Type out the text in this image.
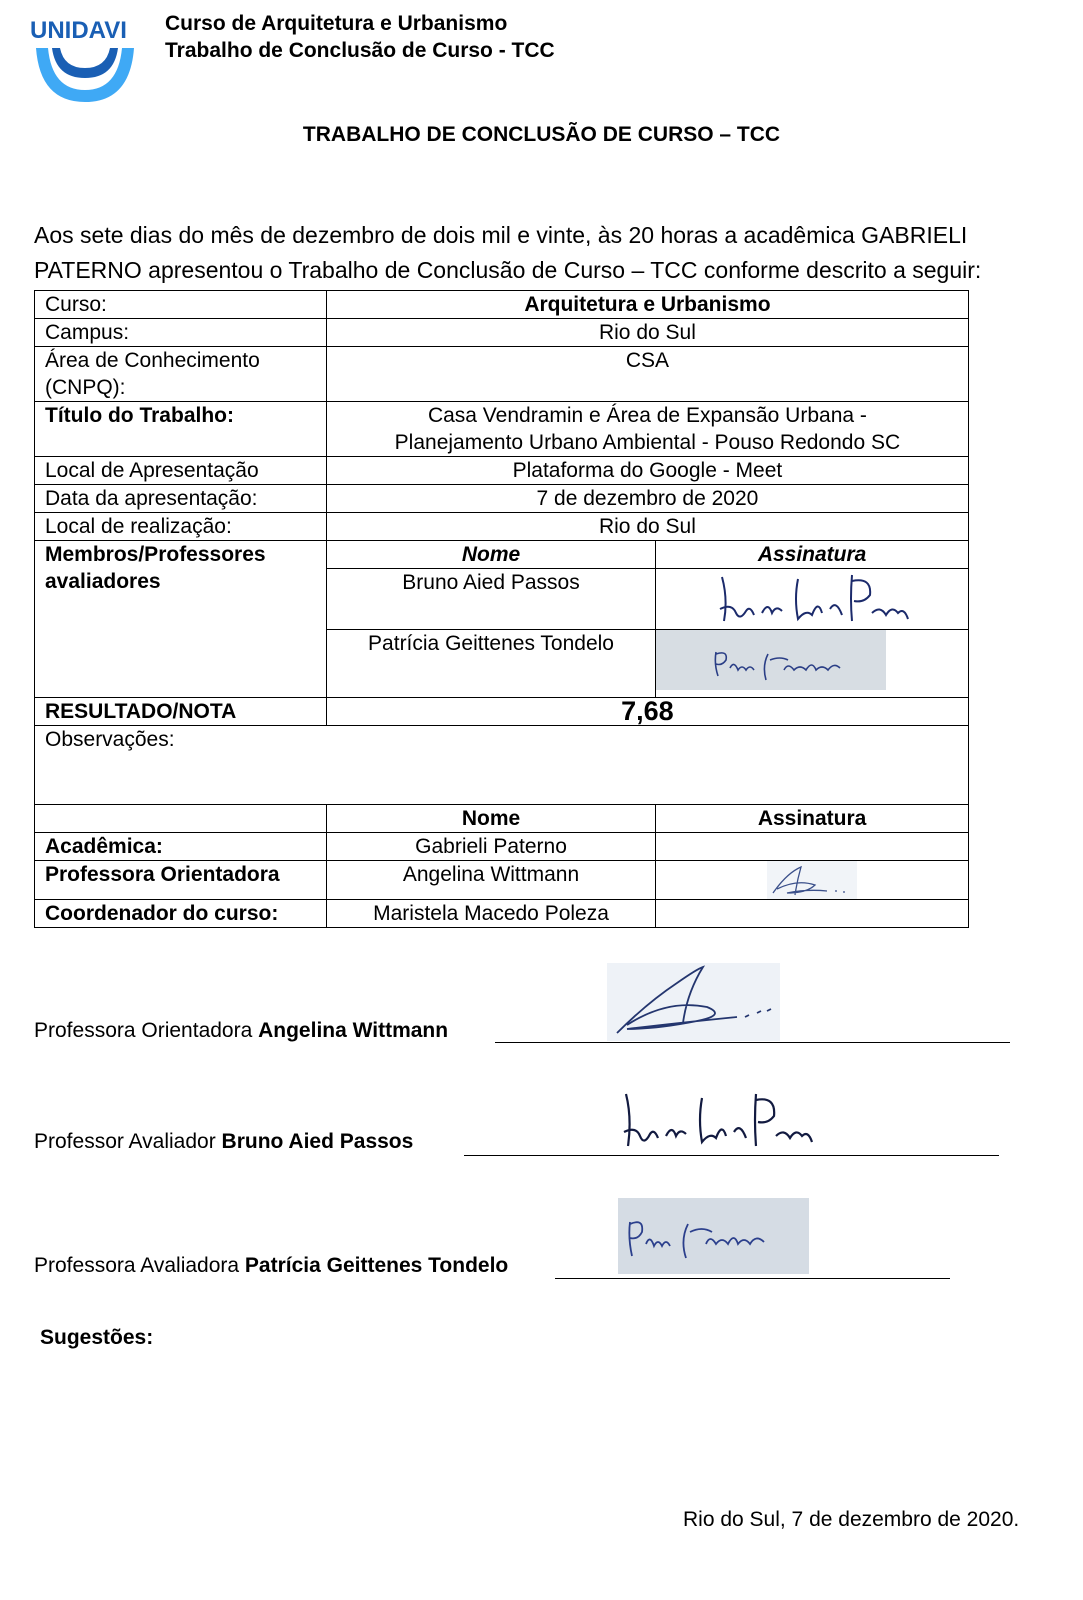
UNIDAVI Curso de Arquitetura e Urbanismo
Trabalho de Conclusão de Curso - TCC
TRABALHO DE CONCLUSÃO DE CURSO – TCC

Aos sete dias do mês de dezembro de dois mil e vinte, às 20 horas a acadêmica GABRIELI

PATERNO apresentou o Trabalho de Conclusão de Curso – TCC conforme descrito a seguir:

Curso:	Arquitetura e Urbanismo	
Campus:	Rio do Sul	
Área de Conhecimento (CNPQ):	CSA	
Título do Trabalho:	Casa Vendramin e Área de Expansão Urbana -
Planejamento Urbano Ambiental - Pouso Redondo SC	

Local de Apresentação	Plataforma do Google - Meet	
Data da apresentação:	7 de dezembro de 2020	
Local de realização:	Rio do Sul	
Membros/Professores avaliadores	Nome	Assinatura
	Bruno Aied Passos	

	Patrícia Geittenes Tondelo	
RESULTADO/NOTA	7,68	
Observações:		
	Nome	Assinatura
Acadêmica:	Gabrieli Paterno	
Professora Orientadora	Angelina Wittmann	

Coordenador do curso:	Maristela Macedo Poleza	
Professora Orientadora Angelina Wittmann
Professor Avaliador Bruno Aied Passos
Professora Avaliadora Patrícia Geittenes Tondelo
Sugestões:
Rio do Sul, 7 de dezembro de 2020.
